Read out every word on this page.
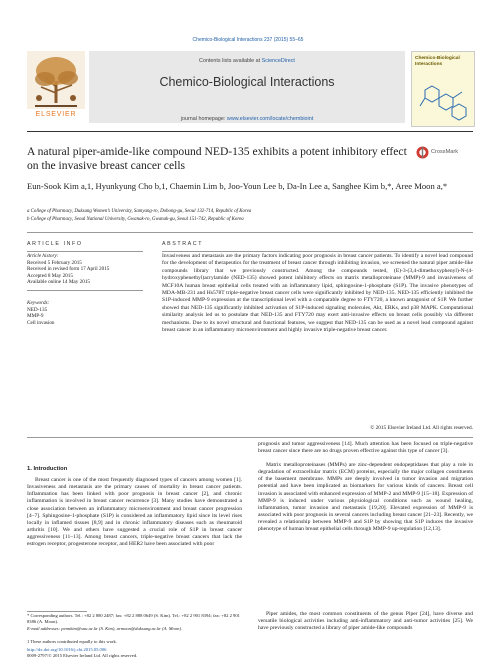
Chemico-Biological Interactions 237 (2015) 55–65
ELSEVIER
Contents lists available at ScienceDirect
Chemico-Biological Interactions
journal homepage: www.elsevier.com/locate/chembioint
Chemico-Biological Interactions
A natural piper-amide-like compound NED-135 exhibits a potent inhibitory effect on the invasive breast cancer cells
CrossMark
Eun-Sook Kim a,1, Hyunkyung Cho b,1, Chaemin Lim b, Joo-Youn Lee b, Da-In Lee a, Sanghee Kim b,*, Aree Moon a,*
a College of Pharmacy, Duksung Women’s University, Samyang-ro, Dobong-gu, Seoul 132-714, Republic of Korea
b College of Pharmacy, Seoul National University, Gwanak-ro, Gwanak-gu, Seoul 151-742, Republic of Korea
ARTICLE INFO
Article history:
Received 5 February 2015
Received in revised form 17 April 2015
Accepted 8 May 2015
Available online 14 May 2015
Keywords:
NED-135
MMP-9
Cell invasion
ABSTRACT
Invasiveness and metastasis are the primary factors indicating poor prognosis in breast cancer patients. To identify a novel lead compound for the development of therapeutics for the treatment of breast cancer through inhibiting invasion, we screened the natural piper amide-like compounds library that we previously constructed. Among the compounds tested, (E)-3-(3,4-dimethoxyphenyl)-N-(4-hydroxyphenethyl)acrylamide (NED-135) showed potent inhibitory effects on matrix metalloproteinase (MMP)-9 and invasiveness of MCF10A human breast epithelial cells treated with an inflammatory lipid, sphingosine-1-phosphate (S1P). The invasive phenotypes of MDA-MB-231 and Hs578T triple-negative breast cancer cells were significantly inhibited by NED-135. NED-135 efficiently inhibited the S1P-induced MMP-9 expression at the transcriptional level with a comparable degree to FTY720, a known antagonist of S1P. We further showed that NED-135 significantly inhibited activation of S1P-induced signaling molecules, Akt, ERKs, and p38 MAPK. Computational similarity analysis led us to postulate that NED-135 and FTY720 may exert anti-invasive effects on breast cells possibly via different mechanisms. Due to its novel structural and functional features, we suggest that NED-135 can be used as a novel lead compound against breast cancer in an inflammatory microenvironment and highly invasive triple-negative breast cancer.
© 2015 Elsevier Ireland Ltd. All rights reserved.
1. Introduction
Breast cancer is one of the most frequently diagnosed types of cancers among women [1]. Invasiveness and metastasis are the primary causes of mortality in breast cancer patients. Inflammation has been linked with poor prognosis in breast cancer [2], and chronic inflammation is involved in breast cancer recurrence [3]. Many studies have demonstrated a close association between an inflammatory microenvironment and breast cancer progression [4–7]. Sphingosine-1-phosphate (S1P) is considered an inflammatory lipid since its level rises locally in inflamed tissues [8,9] and in chronic inflammatory diseases such as rheumatoid arthritis [10]. We and others have suggested a crucial role of S1P in breast cancer aggressiveness [11–13]. Among breast cancers, triple-negative breast cancers that lack the estrogen receptor, progesterone receptor, and HER2 have been associated with poor
prognosis and tumor aggressiveness [14]. Much attention has been focused on triple-negative breast cancer since there are no drugs proven effective against this type of cancer [3].
Matrix metalloproteinases (MMPs) are zinc-dependent endopeptidases that play a role in degradation of extracellular matrix (ECM) proteins, especially the major collagen constituents of the basement membrane. MMPs are deeply involved in tumor invasion and migration potential and have been implicated as biomarkers for various kinds of cancers. Breast cell invasion is associated with enhanced expression of MMP-2 and MMP-9 [15–18]. Expression of MMP-9 is induced under various physiological conditions such as wound healing, inflammation, tumor invasion and metastasis [19,20]. Elevated expression of MMP-9 is associated with poor prognosis in several cancers including breast cancer [21–23]. Recently, we revealed a relationship between MMP-9 and S1P by showing that S1P induces the invasive phenotype of human breast epithelial cells through MMP-9 up-regulation [12,13].
Piper amides, the most common constituents of the genus Piper [24], have diverse and versatile biological activities including anti-inflammatory and anti-tumor activities [25]. We have previously constructed a library of piper amide-like compounds
* Corresponding authors. Tel.: +82 2 880 2487; fax: +82 2 888 0649 (S. Kim). Tel.: +82 2 901 8394; fax: +82 2 901 8386 (A. Moon).
E-mail addresses: pennkim@snu.ac.kr (S. Kim), armoon@duksung.ac.kr (A. Moon).
1 These authors contributed equally to this work.
http://dx.doi.org/10.1016/j.cbi.2015.05.006
0009-2797/© 2015 Elsevier Ireland Ltd. All rights reserved.
